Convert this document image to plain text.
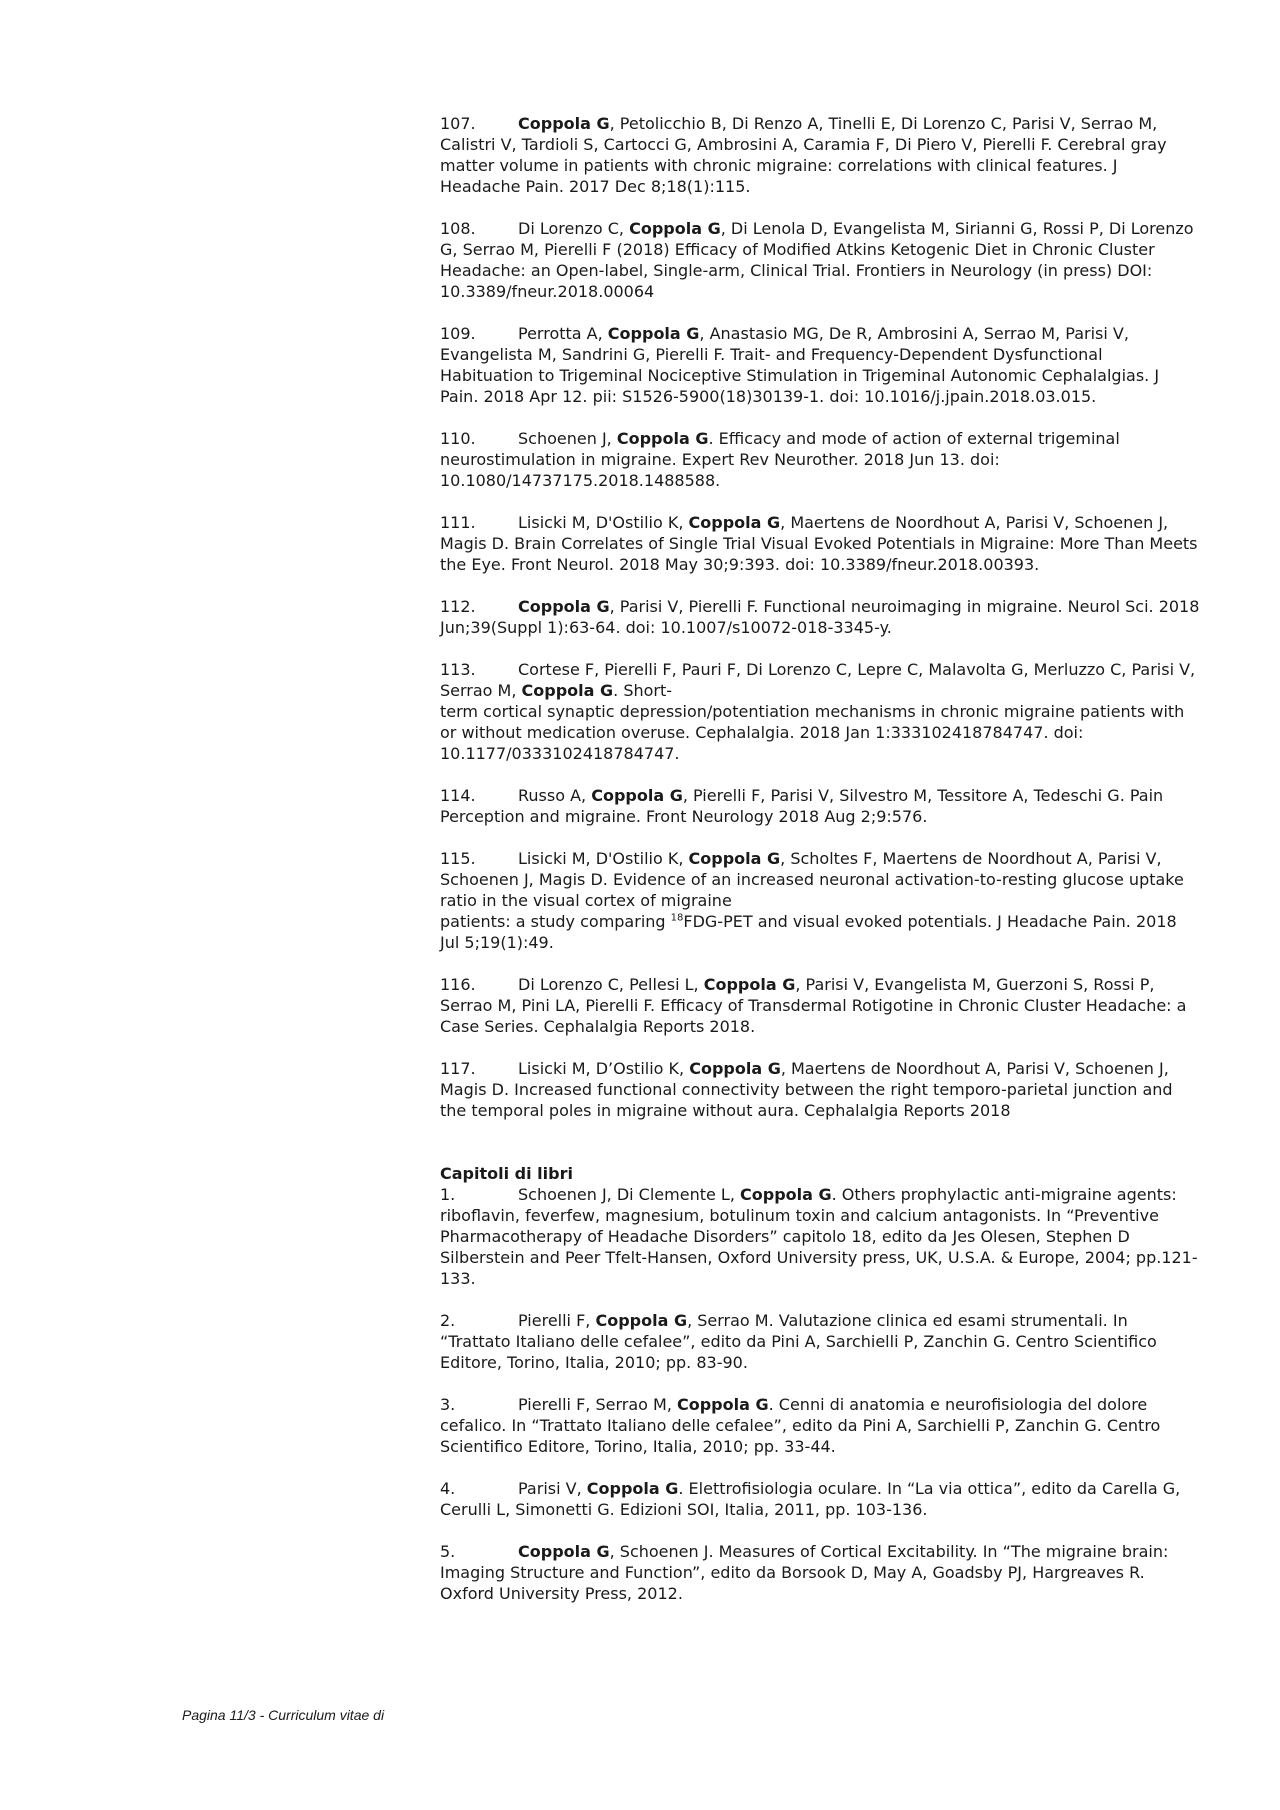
107.	Coppola G, Petolicchio B, Di Renzo A, Tinelli E, Di Lorenzo C, Parisi V, Serrao M, Calistri V, Tardioli S, Cartocci G, Ambrosini A, Caramia F, Di Piero V, Pierelli F. Cerebral gray matter volume in patients with chronic migraine: correlations with clinical features. J Headache Pain. 2017 Dec 8;18(1):115.
108.	Di Lorenzo C, Coppola G, Di Lenola D, Evangelista M, Sirianni G, Rossi P, Di Lorenzo G, Serrao M, Pierelli F (2018) Efficacy of Modified Atkins Ketogenic Diet in Chronic Cluster Headache: an Open-label, Single-arm, Clinical Trial. Frontiers in Neurology (in press) DOI: 10.3389/fneur.2018.00064
109.	Perrotta A, Coppola G, Anastasio MG, De R, Ambrosini A, Serrao M, Parisi V, Evangelista M, Sandrini G, Pierelli F. Trait- and Frequency-Dependent Dysfunctional Habituation to Trigeminal Nociceptive Stimulation in Trigeminal Autonomic Cephalalgias. J Pain. 2018 Apr 12. pii: S1526-5900(18)30139-1. doi: 10.1016/j.jpain.2018.03.015.
110.	Schoenen J, Coppola G. Efficacy and mode of action of external trigeminal neurostimulation in migraine. Expert Rev Neurother. 2018 Jun 13. doi: 10.1080/14737175.2018.1488588.
111.	Lisicki M, D'Ostilio K, Coppola G, Maertens de Noordhout A, Parisi V, Schoenen J, Magis D. Brain Correlates of Single Trial Visual Evoked Potentials in Migraine: More Than Meets the Eye. Front Neurol. 2018 May 30;9:393. doi: 10.3389/fneur.2018.00393.
112.	Coppola G, Parisi V, Pierelli F. Functional neuroimaging in migraine. Neurol Sci. 2018 Jun;39(Suppl 1):63-64. doi: 10.1007/s10072-018-3345-y.
113.	Cortese F, Pierelli F, Pauri F, Di Lorenzo C, Lepre C, Malavolta G, Merluzzo C, Parisi V, Serrao M, Coppola G. Short-
term cortical synaptic depression/potentiation mechanisms in chronic migraine patients with or without medication overuse. Cephalalgia. 2018 Jan 1:333102418784747. doi: 10.1177/0333102418784747.
114.	Russo A, Coppola G, Pierelli F, Parisi V, Silvestro M, Tessitore A, Tedeschi G. Pain Perception and migraine. Front Neurology 2018 Aug 2;9:576.
115.	Lisicki M, D'Ostilio K, Coppola G, Scholtes F, Maertens de Noordhout A, Parisi V, Schoenen J, Magis D. Evidence of an increased neuronal activation-to-resting glucose uptake ratio in the visual cortex of migraine
patients: a study comparing $^{18}$FDG-PET and visual evoked potentials. J Headache Pain. 2018 Jul 5;19(1):49.
116.	Di Lorenzo C, Pellesi L, Coppola G, Parisi V, Evangelista M, Guerzoni S, Rossi P, Serrao M, Pini LA, Pierelli F. Efficacy of Transdermal Rotigotine in Chronic Cluster Headache: a Case Series. Cephalalgia Reports 2018.
117.	Lisicki M, D’Ostilio K, Coppola G, Maertens de Noordhout A, Parisi V, Schoenen J, Magis D. Increased functional connectivity between the right temporo-parietal junction and the temporal poles in migraine without aura. Cephalalgia Reports 2018
Capitoli di libri
1.	Schoenen J, Di Clemente L, Coppola G. Others prophylactic anti-migraine agents: riboflavin, feverfew, magnesium, botulinum toxin and calcium antagonists. In “Preventive Pharmacotherapy of Headache Disorders” capitolo 18, edito da Jes Olesen, Stephen D Silberstein and Peer Tfelt-Hansen, Oxford University press, UK, U.S.A. & Europe, 2004; pp.121-133.
2.	Pierelli F, Coppola G, Serrao M. Valutazione clinica ed esami strumentali. In “Trattato Italiano delle cefalee”, edito da Pini A, Sarchielli P, Zanchin G. Centro Scientifico Editore, Torino, Italia, 2010; pp. 83-90.
3.	Pierelli F, Serrao M, Coppola G. Cenni di anatomia e neurofisiologia del dolore cefalico. In “Trattato Italiano delle cefalee”, edito da Pini A, Sarchielli P, Zanchin G. Centro Scientifico Editore, Torino, Italia, 2010; pp. 33-44.
4.	Parisi V, Coppola G. Elettrofisiologia oculare. In “La via ottica”, edito da Carella G, Cerulli L, Simonetti G. Edizioni SOI, Italia, 2011, pp. 103-136.
5.	Coppola G, Schoenen J. Measures of Cortical Excitability. In “The migraine brain: Imaging Structure and Function”, edito da Borsook D, May A, Goadsby PJ, Hargreaves R. Oxford University Press, 2012.
Pagina 11/3 - Curriculum vitae di
